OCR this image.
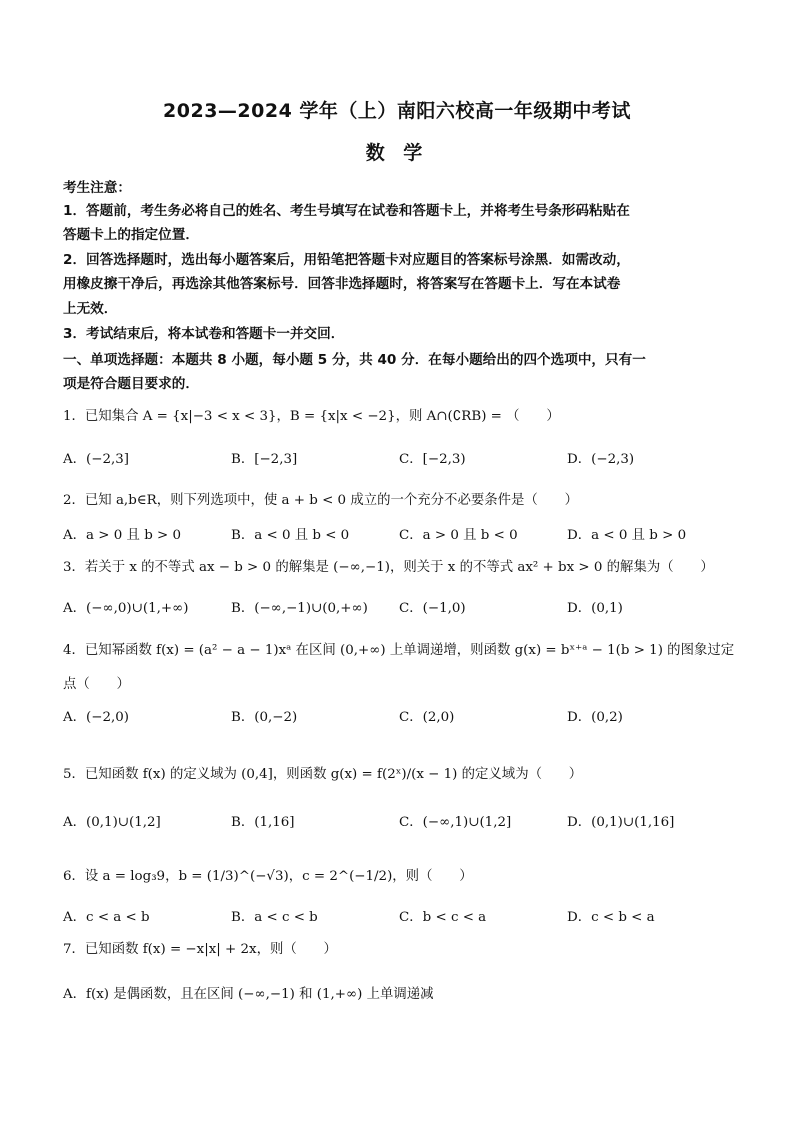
2023—2024 学年（上）南阳六校高一年级期中考试
数 学
考生注意：
1．答题前，考生务必将自己的姓名、考生号填写在试卷和答题卡上，并将考生号条形码粘贴在
答题卡上的指定位置．
2．回答选择题时，选出每小题答案后，用铅笔把答题卡对应题目的答案标号涂黑．如需改动，
用橡皮擦干净后，再选涂其他答案标号．回答非选择题时，将答案写在答题卡上．写在本试卷
上无效．
3．考试结束后，将本试卷和答题卡一并交回．
一、单项选择题：本题共 8 小题，每小题 5 分，共 40 分．在每小题给出的四个选项中，只有一
项是符合题目要求的．
1．已知集合 A = {x|−3 < x < 3}，B = {x|x < −2}，则 A∩(∁RB) = （　　）
A．(−2,3]	B．[−2,3]	C．[−2,3)	D．(−2,3)
2．已知 a,b∈R，则下列选项中，使 a + b < 0 成立的一个充分不必要条件是（　　）
A．a > 0 且 b > 0	B．a < 0 且 b < 0	C．a > 0 且 b < 0	D．a < 0 且 b > 0
3．若关于 x 的不等式 ax − b > 0 的解集是 (−∞,−1)，则关于 x 的不等式 ax² + bx > 0 的解集为（　　）
A．(−∞,0)∪(1,+∞)	B．(−∞,−1)∪(0,+∞) C．(−1,0)	D．(0,1)
4．已知幂函数 f(x) = (a² − a − 1)xᵃ 在区间 (0,+∞) 上单调递增，则函数 g(x) = bˣ⁺ᵃ − 1(b > 1) 的图象过定
点（　　）
A．(−2,0)	B．(0,−2)	C．(2,0)	D．(0,2)
5．已知函数 f(x) 的定义域为 (0,4]，则函数 g(x) = f(2ˣ)/(x − 1) 的定义域为（　　）
A．(0,1)∪(1,2]	B．(1,16]	C．(−∞,1)∪(1,2]	D．(0,1)∪(1,16]
6．设 a = log₃9，b = (1/3)^(−√3)，c = 2^(−1/2)，则（　　）
A．c < a < b	B．a < c < b	C．b < c < a	D．c < b < a
7．已知函数 f(x) = −x|x| + 2x，则（　　）
A．f(x) 是偶函数，且在区间 (−∞,−1) 和 (1,+∞) 上单调递减
